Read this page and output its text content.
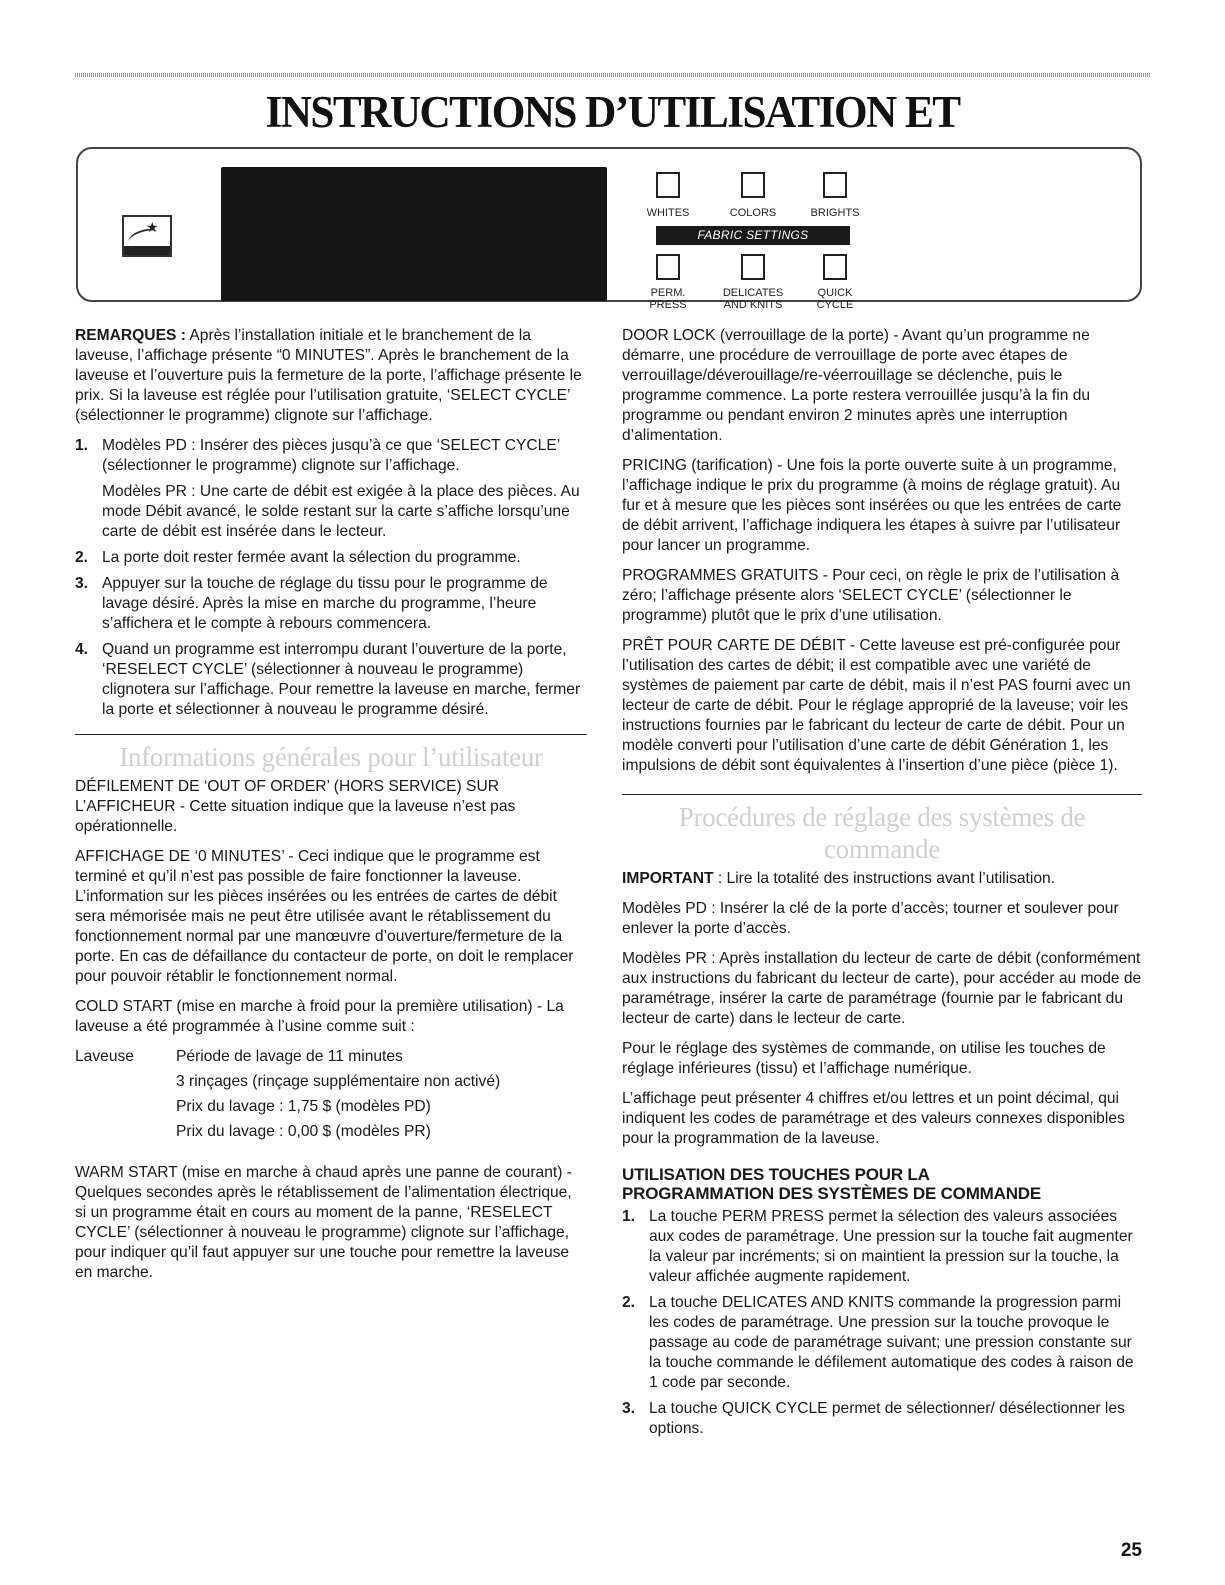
INSTRUCTIONS D’UTILISATION ET
★
WHITES	COLORS	BRIGHTS
FABRIC SETTINGS
PERM.
PRESS
DELICATES
AND KNITS
QUICK
CYCLE

REMARQUES : Après l’installation initiale et le branchement de la laveuse, l’affichage présente “0 MINUTES”. Après le branchement de la laveuse et l’ouverture puis la fermeture de la porte, l’affichage présente le prix. Si la laveuse est réglée pour l’utilisation gratuite, ‘SELECT CYCLE’ (sélectionner le programme) clignote sur l’affichage.

1. Modèles PD : Insérer des pièces jusqu’à ce que ‘SELECT CYCLE’ (sélectionner le programme) clignote sur l’affichage.

Modèles PR : Une carte de débit est exigée à la place des pièces. Au mode Débit avancé, le solde restant sur la carte s’affiche lorsqu’une carte de débit est insérée dans le lecteur.

2. La porte doit rester fermée avant la sélection du programme.

3. Appuyer sur la touche de réglage du tissu pour le programme de lavage désiré. Après la mise en marche du programme, l’heure s’affichera et le compte à rebours commencera.

4. Quand un programme est interrompu durant l’ouverture de la porte, ‘RESELECT CYCLE’ (sélectionner à nouveau le programme) clignotera sur l’affichage. Pour remettre la laveuse en marche, fermer la porte et sélectionner à nouveau le programme désiré.

Informations générales pour l’utilisateur

DÉFILEMENT DE ‘OUT OF ORDER’ (HORS SERVICE) SUR L’AFFICHEUR - Cette situation indique que la laveuse n’est pas opérationnelle.

AFFICHAGE DE ‘0 MINUTES’ - Ceci indique que le programme est terminé et qu’il n’est pas possible de faire fonctionner la laveuse. L’information sur les pièces insérées ou les entrées de cartes de débit sera mémorisée mais ne peut être utilisée avant le rétablissement du fonctionnement normal par une manœuvre d’ouverture/fermeture de la porte. En cas de défaillance du contacteur de porte, on doit le remplacer pour pouvoir rétablir le fonctionnement normal.

COLD START (mise en marche à froid pour la première utilisation) - La laveuse a été programmée à l’usine comme suit :

Laveuse	Période de lavage de 11 minutes
	3 rinçages (rinçage supplémentaire non activé)
	Prix du lavage : 1,75 $ (modèles PD)
	Prix du lavage : 0,00 $ (modèles PR)

WARM START (mise en marche à chaud après une panne de courant) - Quelques secondes après le rétablissement de l’alimentation électrique, si un programme était en cours au moment de la panne, ‘RESELECT CYCLE’ (sélectionner à nouveau le programme) clignote sur l’affichage, pour indiquer qu’il faut appuyer sur une touche pour remettre la laveuse en marche.

DOOR LOCK (verrouillage de la porte) - Avant qu’un programme ne démarre, une procédure de verrouillage de porte avec étapes de verrouillage/déverouillage/re-véerrouillage se déclenche, puis le programme commence. La porte restera verrouillée jusqu’à la fin du programme ou pendant environ 2 minutes après une interruption d’alimentation.

PRICING (tarification) - Une fois la porte ouverte suite à un programme, l’affichage indique le prix du programme (à moins de réglage gratuit). Au fur et à mesure que les pièces sont insérées ou que les entrées de carte de débit arrivent, l’affichage indiquera les étapes à suivre par l’utilisateur pour lancer un programme.

PROGRAMMES GRATUITS - Pour ceci, on règle le prix de l’utilisation à zéro; l’affichage présente alors ‘SELECT CYCLE’ (sélectionner le programme) plutôt que le prix d’une utilisation.

PRÊT POUR CARTE DE DÉBIT - Cette laveuse est pré-configurée pour l’utilisation des cartes de débit; il est compatible avec une variété de systèmes de paiement par carte de débit, mais il n’est PAS fourni avec un lecteur de carte de débit. Pour le réglage approprié de la laveuse; voir les instructions fournies par le fabricant du lecteur de carte de débit. Pour un modèle converti pour l’utilisation d’une carte de débit Génération 1, les impulsions de débit sont équivalentes à l’insertion d’une pièce (pièce 1).

Procédures de réglage des systèmes de commande

IMPORTANT : Lire la totalité des instructions avant l’utilisation.

Modèles PD : Insérer la clé de la porte d’accès; tourner et soulever pour enlever la porte d’accès.

Modèles PR : Après installation du lecteur de carte de débit (conformément aux instructions du fabricant du lecteur de carte), pour accéder au mode de paramétrage, insérer la carte de paramétrage (fournie par le fabricant du lecteur de carte) dans le lecteur de carte.

Pour le réglage des systèmes de commande, on utilise les touches de réglage inférieures (tissu) et l’affichage numérique.

L’affichage peut présenter 4 chiffres et/ou lettres et un point décimal, qui indiquent les codes de paramétrage et des valeurs connexes disponibles pour la programmation de la laveuse.

UTILISATION DES TOUCHES POUR LA
PROGRAMMATION DES SYSTÈMES DE COMMANDE
1. La touche PERM PRESS permet la sélection des valeurs associées aux codes de paramétrage. Une pression sur la touche fait augmenter la valeur par incréments; si on maintient la pression sur la touche, la valeur affichée augmente rapidement.
2. La touche DELICATES AND KNITS commande la progression parmi les codes de paramétrage. Une pression sur la touche provoque le passage au code de paramétrage suivant; une pression constante sur la touche commande le défilement automatique des codes à raison de 1 code par seconde.
3. La touche QUICK CYCLE permet de sélectionner/ désélectionner les options.
25
